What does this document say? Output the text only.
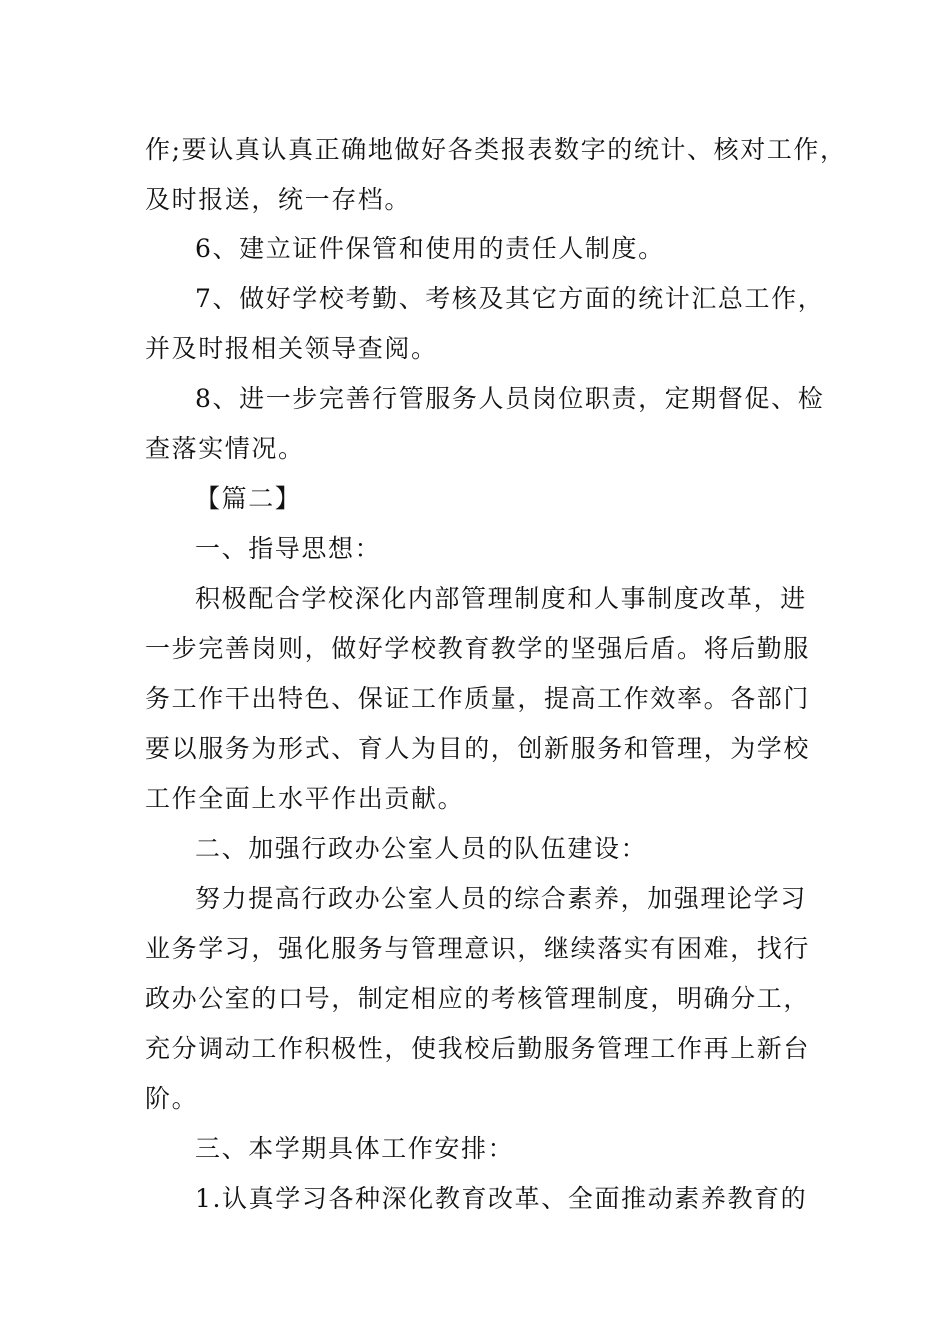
作;要认真认真正确地做好各类报表数字的统计、核对工作，
及时报送，统一存档。
6、建立证件保管和使用的责任人制度。
7、做好学校考勤、考核及其它方面的统计汇总工作，
并及时报相关领导查阅。
8、进一步完善行管服务人员岗位职责，定期督促、检
查落实情况。
【篇二】
一、指导思想：
积极配合学校深化内部管理制度和人事制度改革，进
一步完善岗则，做好学校教育教学的坚强后盾。将后勤服
务工作干出特色、保证工作质量，提高工作效率。各部门
要以服务为形式、育人为目的，创新服务和管理，为学校
工作全面上水平作出贡献。
二、加强行政办公室人员的队伍建设：
努力提高行政办公室人员的综合素养，加强理论学习
业务学习，强化服务与管理意识，继续落实有困难，找行
政办公室的口号，制定相应的考核管理制度，明确分工，
充分调动工作积极性，使我校后勤服务管理工作再上新台
阶。
三、本学期具体工作安排：
1.认真学习各种深化教育改革、全面推动素养教育的
